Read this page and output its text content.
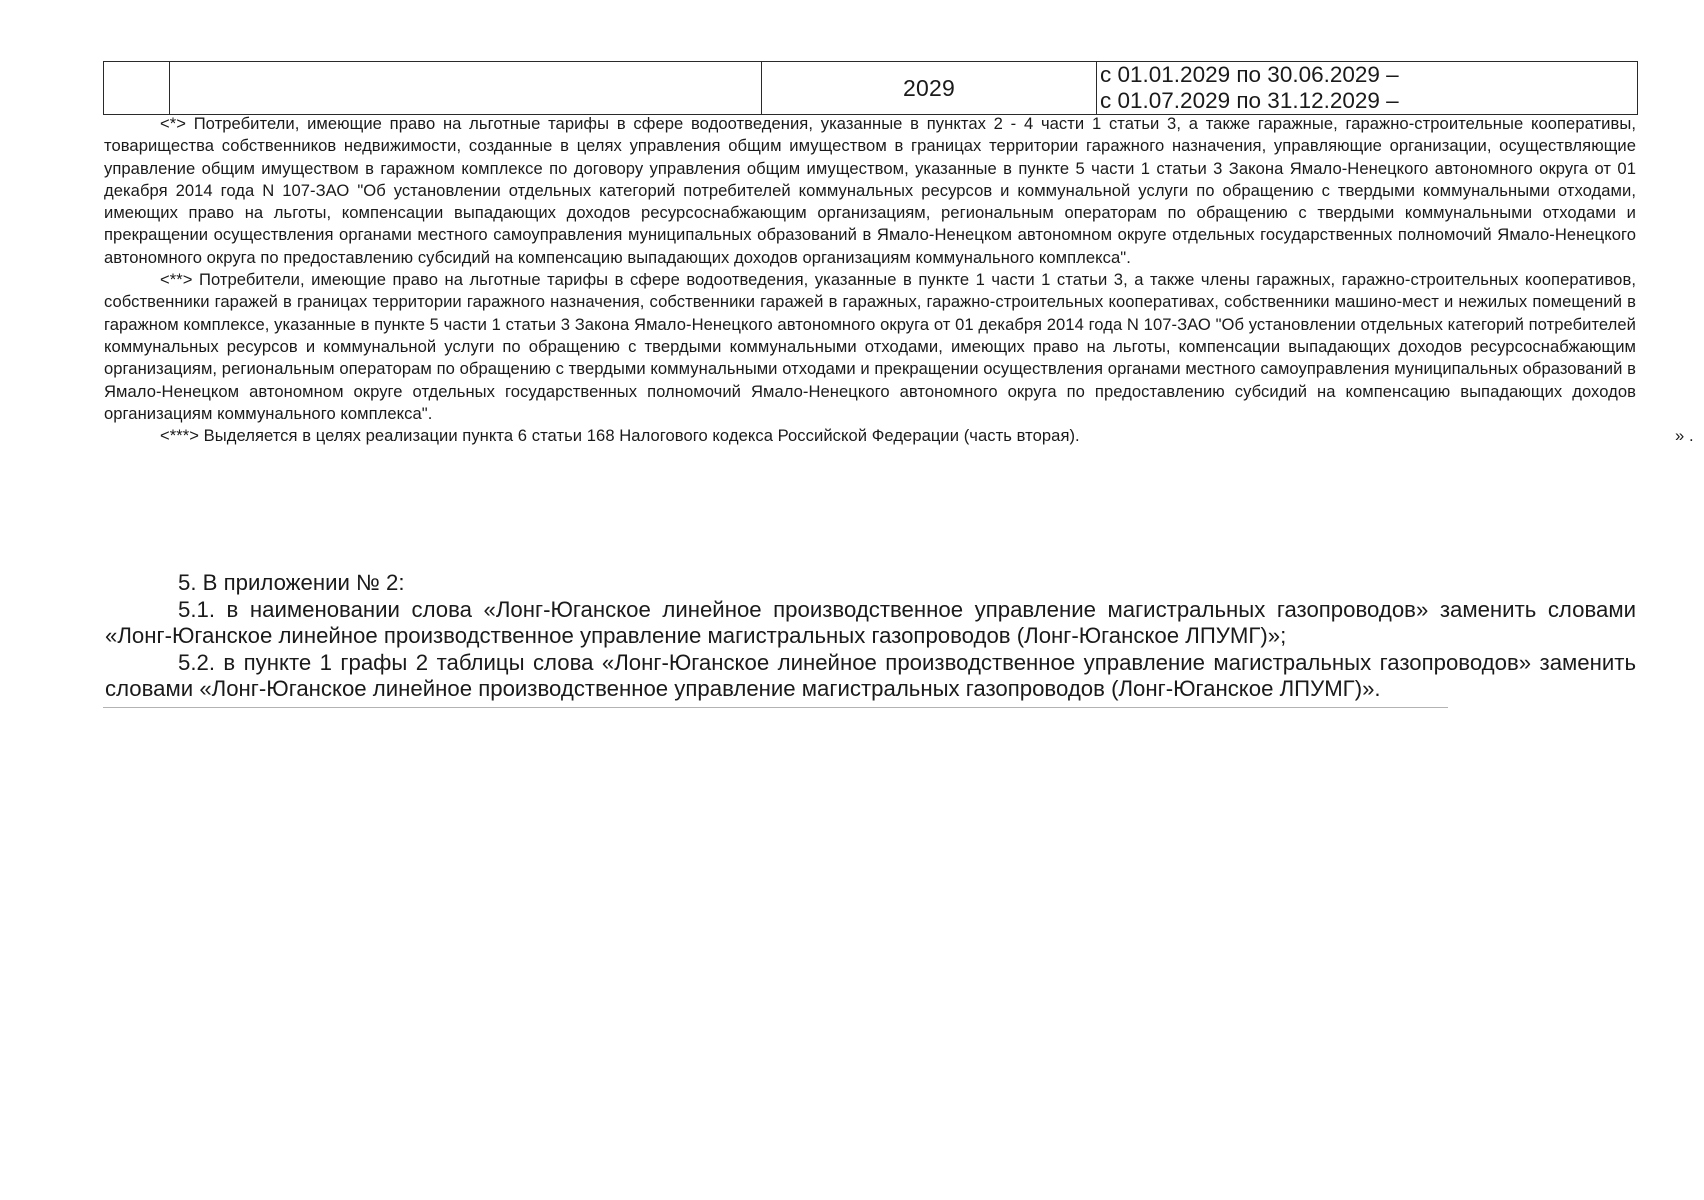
		2029	с 01.01.2029 по 30.06.2029 –
с 01.07.2029 по 31.12.2029 –

<*> Потребители, имеющие право на льготные тарифы в сфере водоотведения, указанные в пунктах 2 - 4 части 1 статьи 3, а также гаражные, гаражно-строительные кооперативы, товарищества собственников недвижимости, созданные в целях управления общим имуществом в границах территории гаражного назначения, управляющие организации, осуществляющие управление общим имуществом в гаражном комплексе по договору управления общим имуществом, указанные в пункте 5 части 1 статьи 3 Закона Ямало-Ненецкого автономного округа от 01 декабря 2014 года N 107-ЗАО "Об установлении отдельных категорий потребителей коммунальных ресурсов и коммунальной услуги по обращению с твердыми коммунальными отходами, имеющих право на льготы, компенсации выпадающих доходов ресурсоснабжающим организациям, региональным операторам по обращению с твердыми коммунальными отходами и прекращении осуществления органами местного самоуправления муниципальных образований в Ямало-Ненецком автономном округе отдельных государственных полномочий Ямало-Ненецкого автономного округа по предоставлению субсидий на компенсацию выпадающих доходов организациям коммунального комплекса".

<**> Потребители, имеющие право на льготные тарифы в сфере водоотведения, указанные в пункте 1 части 1 статьи 3, а также члены гаражных, гаражно-строительных кооперативов, собственники гаражей в границах территории гаражного назначения, собственники гаражей в гаражных, гаражно-строительных кооперативах, собственники машино-мест и нежилых помещений в гаражном комплексе, указанные в пункте 5 части 1 статьи 3 Закона Ямало-Ненецкого автономного округа от 01 декабря 2014 года N 107-ЗАО "Об установлении отдельных категорий потребителей коммунальных ресурсов и коммунальной услуги по обращению с твердыми коммунальными отходами, имеющих право на льготы, компенсации выпадающих доходов ресурсоснабжающим организациям, региональным операторам по обращению с твердыми коммунальными отходами и прекращении осуществления органами местного самоуправления муниципальных образований в Ямало-Ненецком автономном округе отдельных государственных полномочий Ямало-Ненецкого автономного округа по предоставлению субсидий на компенсацию выпадающих доходов организациям коммунального комплекса".

<***> Выделяется в целях реализации пункта 6 статьи 168 Налогового кодекса Российской Федерации (часть вторая).	» .

5. В приложении № 2:

5.1. в наименовании слова «Лонг-Юганское линейное производственное управление магистральных газопроводов» заменить словами «Лонг-Юганское линейное производственное управление магистральных газопроводов (Лонг-Юганское ЛПУМГ)»;

5.2. в пункте 1 графы 2 таблицы слова «Лонг-Юганское линейное производственное управление магистральных газопроводов» заменить словами «Лонг-Юганское линейное производственное управление магистральных газопроводов (Лонг-Юганское ЛПУМГ)».
